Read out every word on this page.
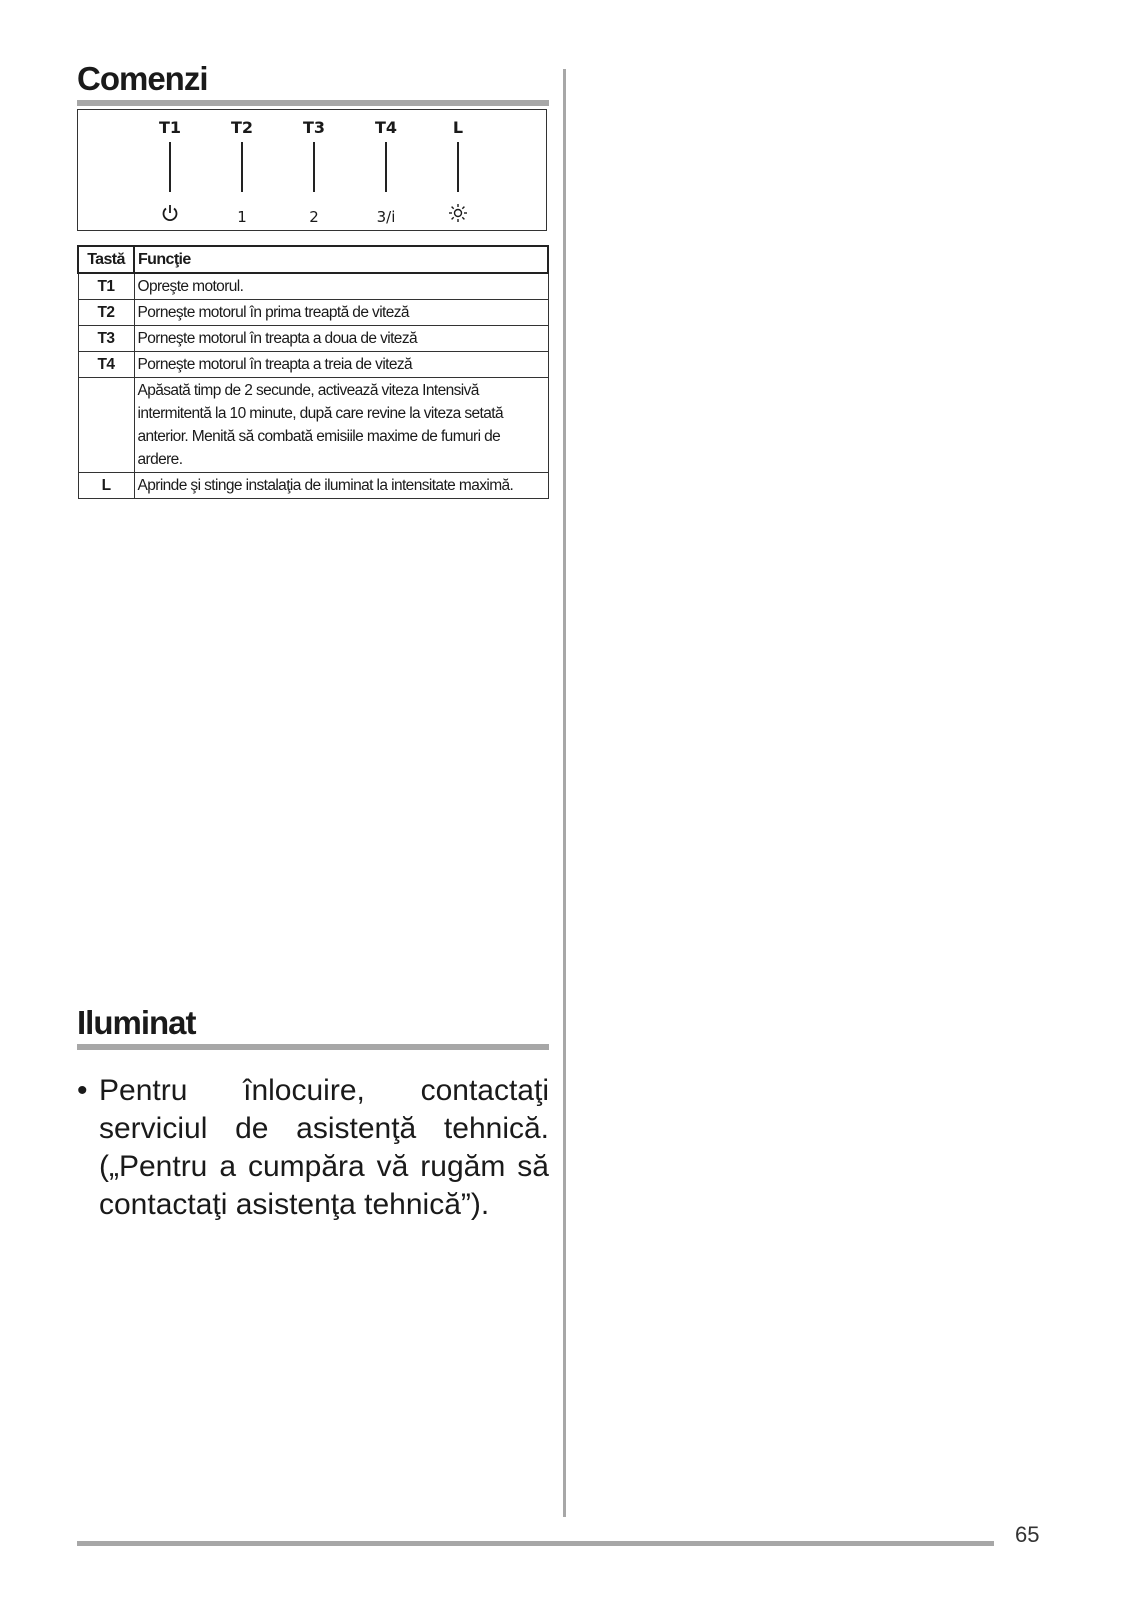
Comenzi
T1	T2
1
T3
2
T4
3/i
L
Tastă	Funcţie
T1	Opreşte motorul.
T2	Porneşte motorul în prima treaptă de viteză
T3	Porneşte motorul în treapta a doua de viteză
T4	Porneşte motorul în treapta a treia de viteză
	Apăsată timp de 2 secunde, activează viteza Intensivă intermitentă la 10 minute, după care revine la viteza setată anterior. Menită să combată emisiile maxime de fumuri de ardere.
L	Aprinde şi stinge instalaţia de iluminat la intensitate maximă.
Iluminat
• Pentru înlocuire, contactaţi serviciul de asistenţă tehnică. („Pentru a cumpăra vă rugăm să contactaţi asistenţa tehnică”).
65
